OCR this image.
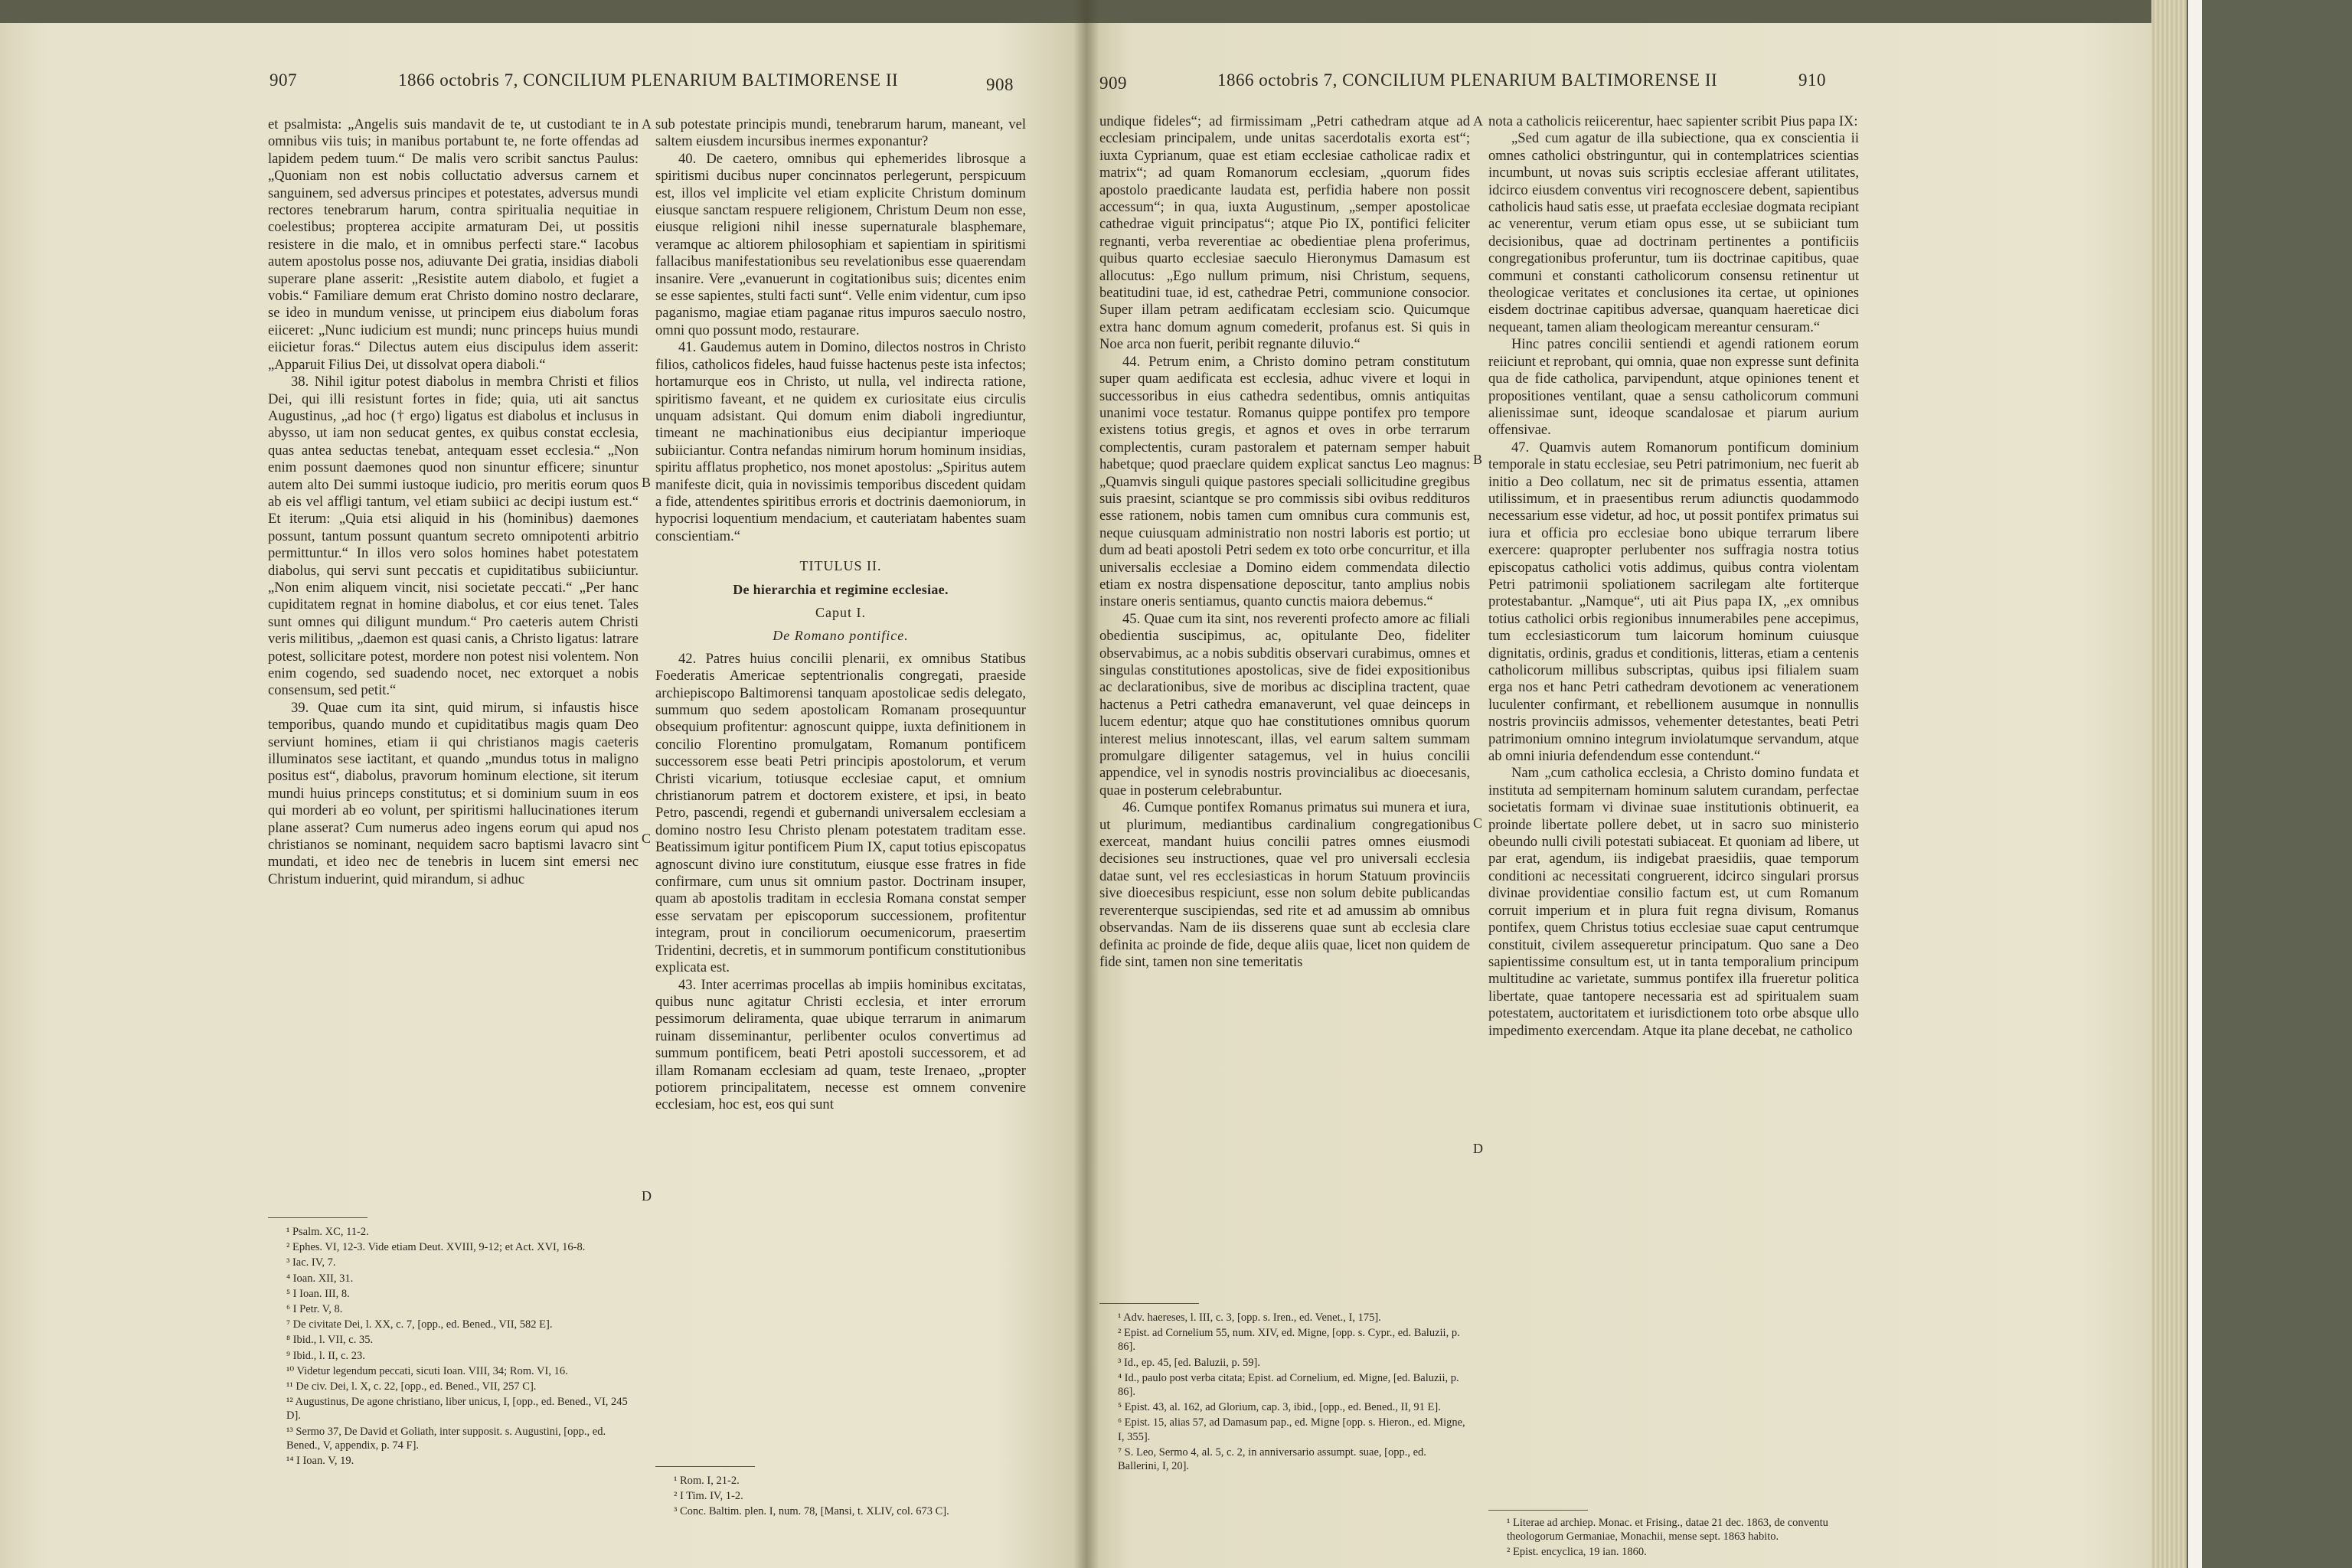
907	1866 octobris 7, CONCILIUM PLENARIUM BALTIMORENSE II	908

et psalmista: „Angelis suis mandavit de te, ut custodiant te in omnibus viis tuis; in manibus portabunt te, ne forte offendas ad lapidem pedem tuum.“ De malis vero scribit sanctus Paulus: „Quoniam non est nobis colluctatio adversus carnem et sanguinem, sed adversus principes et potestates, adversus mundi rectores tenebrarum harum, contra spiritualia nequitiae in coelestibus; propterea accipite armaturam Dei, ut possitis resistere in die malo, et in omnibus perfecti stare.“ Iacobus autem apostolus posse nos, adiuvante Dei gratia, insidias diaboli superare plane asserit: „Resistite autem diabolo, et fugiet a vobis.“ Familiare demum erat Christo domino nostro declarare, se ideo in mundum venisse, ut principem eius diabolum foras eiiceret: „Nunc iudicium est mundi; nunc princeps huius mundi eiicietur foras.“ Dilectus autem eius discipulus idem asserit: „Apparuit Filius Dei, ut dissolvat opera diaboli.“

38. Nihil igitur potest diabolus in membra Christi et filios Dei, qui illi resistunt fortes in fide; quia, uti ait sanctus Augustinus, „ad hoc († ergo) ligatus est diabolus et inclusus in abysso, ut iam non seducat gentes, ex quibus constat ecclesia, quas antea seductas tenebat, antequam esset ecclesia.“ „Non enim possunt daemones quod non sinuntur efficere; sinuntur autem alto Dei summi iustoque iudicio, pro meritis eorum quos ab eis vel affligi tantum, vel etiam subiici ac decipi iustum est.“ Et iterum: „Quia etsi aliquid in his (hominibus) daemones possunt, tantum possunt quantum secreto omnipotenti arbitrio permittuntur.“ In illos vero solos homines habet potestatem diabolus, qui servi sunt peccatis et cupiditatibus subiiciuntur. „Non enim aliquem vincit, nisi societate peccati.“ „Per hanc cupiditatem regnat in homine diabolus, et cor eius tenet. Tales sunt omnes qui diligunt mundum.“ Pro caeteris autem Christi veris militibus, „daemon est quasi canis, a Christo ligatus: latrare potest, sollicitare potest, mordere non potest nisi volentem. Non enim cogendo, sed suadendo nocet, nec extorquet a nobis consensum, sed petit.“

39. Quae cum ita sint, quid mirum, si infaustis hisce temporibus, quando mundo et cupiditatibus magis quam Deo serviunt homines, etiam ii qui christianos magis caeteris illuminatos sese iactitant, et quando „mundus totus in maligno positus est“, diabolus, pravorum hominum electione, sit iterum mundi huius princeps constitutus; et si dominium suum in eos qui morderi ab eo volunt, per spiritismi hallucinationes iterum plane asserat? Cum numerus adeo ingens eorum qui apud nos christianos se nominant, nequidem sacro baptismi lavacro sint mundati, et ideo nec de tenebris in lucem sint emersi nec Christum induerint, quid mirandum, si adhuc

¹ Psalm. XC, 11-2.
² Ephes. VI, 12-3. Vide etiam Deut. XVIII, 9-12; et Act. XVI, 16-8.
³ Iac. IV, 7.
⁴ Ioan. XII, 31.
⁵ I Ioan. III, 8.
⁶ I Petr. V, 8.
⁷ De civitate Dei, l. XX, c. 7, [opp., ed. Bened., VII, 582 E].
⁸ Ibid., l. VII, c. 35.
⁹ Ibid., l. II, c. 23.
¹⁰ Videtur legendum peccati, sicuti Ioan. VIII, 34; Rom. VI, 16.
¹¹ De civ. Dei, l. X, c. 22, [opp., ed. Bened., VII, 257 C].
¹² Augustinus, De agone christiano, liber unicus, I, [opp., ed. Bened., VI, 245 D].
¹³ Sermo 37, De David et Goliath, inter supposit. s. Augustini, [opp., ed. Bened., V, appendix, p. 74 F].
¹⁴ I Ioan. V, 19.
A
B
C
D

sub potestate principis mundi, tenebrarum harum, maneant, vel saltem eiusdem incursibus inermes exponantur?

40. De caetero, omnibus qui ephemerides librosque a spiritismi ducibus nuper concinnatos perlegerunt, perspicuum est, illos vel implicite vel etiam explicite Christum dominum eiusque sanctam respuere religionem, Christum Deum non esse, eiusque religioni nihil inesse supernaturale blasphemare, veramque ac altiorem philosophiam et sapientiam in spiritismi fallacibus manifestationibus seu revelationibus esse quaerendam insanire. Vere „evanuerunt in cogitationibus suis; dicentes enim se esse sapientes, stulti facti sunt“. Velle enim videntur, cum ipso paganismo, magiae etiam paganae ritus impuros saeculo nostro, omni quo possunt modo, restaurare.

41. Gaudemus autem in Domino, dilectos nostros in Christo filios, catholicos fideles, haud fuisse hactenus peste ista infectos; hortamurque eos in Christo, ut nulla, vel indirecta ratione, spiritismo faveant, et ne quidem ex curiositate eius circulis unquam adsistant. Qui domum enim diaboli ingrediuntur, timeant ne machinationibus eius decipiantur imperioque subiiciantur. Contra nefandas nimirum horum hominum insidias, spiritu afflatus prophetico, nos monet apostolus: „Spiritus autem manifeste dicit, quia in novissimis temporibus discedent quidam a fide, attendentes spiritibus erroris et doctrinis daemoniorum, in hypocrisi loquentium mendacium, et cauteriatam habentes suam conscientiam.“

TITULUS II.
De hierarchia et regimine ecclesiae.
Caput I.
De Romano pontifice.

42. Patres huius concilii plenarii, ex omnibus Statibus Foederatis Americae septentrionalis congregati, praeside archiepiscopo Baltimorensi tanquam apostolicae sedis delegato, summum quo sedem apostolicam Romanam prosequuntur obsequium profitentur: agnoscunt quippe, iuxta definitionem in concilio Florentino promulgatam, Romanum pontificem successorem esse beati Petri principis apostolorum, et verum Christi vicarium, totiusque ecclesiae caput, et omnium christianorum patrem et doctorem existere, et ipsi, in beato Petro, pascendi, regendi et gubernandi universalem ecclesiam a domino nostro Iesu Christo plenam potestatem traditam esse. Beatissimum igitur pontificem Pium IX, caput totius episcopatus agnoscunt divino iure constitutum, eiusque esse fratres in fide confirmare, cum unus sit omnium pastor. Doctrinam insuper, quam ab apostolis traditam in ecclesia Romana constat semper esse servatam per episcoporum successionem, profitentur integram, prout in conciliorum oecumenicorum, praesertim Tridentini, decretis, et in summorum pontificum constitutionibus explicata est.

43. Inter acerrimas procellas ab impiis hominibus excitatas, quibus nunc agitatur Christi ecclesia, et inter errorum pessimorum deliramenta, quae ubique terrarum in animarum ruinam disseminantur, perlibenter oculos convertimus ad summum pontificem, beati Petri apostoli successorem, et ad illam Romanam ecclesiam ad quam, teste Irenaeo, „propter potiorem principalitatem, necesse est omnem convenire ecclesiam, hoc est, eos qui sunt

¹ Rom. I, 21-2.
² I Tim. IV, 1-2.
³ Conc. Baltim. plen. I, num. 78, [Mansi, t. XLIV, col. 673 C].
909	1866 octobris 7, CONCILIUM PLENARIUM BALTIMORENSE II	910

undique fideles“; ad firmissimam „Petri cathedram atque ad ecclesiam principalem, unde unitas sacerdotalis exorta est“; iuxta Cyprianum, quae est etiam ecclesiae catholicae radix et matrix“; ad quam Romanorum ecclesiam, „quorum fides apostolo praedicante laudata est, perfidia habere non possit accessum“; in qua, iuxta Augustinum, „semper apostolicae cathedrae viguit principatus“; atque Pio IX, pontifici feliciter regnanti, verba reverentiae ac obedientiae plena proferimus, quibus quarto ecclesiae saeculo Hieronymus Damasum est allocutus: „Ego nullum primum, nisi Christum, sequens, beatitudini tuae, id est, cathedrae Petri, communione consocior. Super illam petram aedificatam ecclesiam scio. Quicumque extra hanc domum agnum comederit, profanus est. Si quis in Noe arca non fuerit, peribit regnante diluvio.“

44. Petrum enim, a Christo domino petram constitutum super quam aedificata est ecclesia, adhuc vivere et loqui in successoribus in eius cathedra sedentibus, omnis antiquitas unanimi voce testatur. Romanus quippe pontifex pro tempore existens totius gregis, et agnos et oves in orbe terrarum complectentis, curam pastoralem et paternam semper habuit habetque; quod praeclare quidem explicat sanctus Leo magnus: „Quamvis singuli quique pastores speciali sollicitudine gregibus suis praesint, sciantque se pro commissis sibi ovibus reddituros esse rationem, nobis tamen cum omnibus cura communis est, neque cuiusquam administratio non nostri laboris est portio; ut dum ad beati apostoli Petri sedem ex toto orbe concurritur, et illa universalis ecclesiae a Domino eidem commendata dilectio etiam ex nostra dispensatione deposcitur, tanto amplius nobis instare oneris sentiamus, quanto cunctis maiora debemus.“

45. Quae cum ita sint, nos reverenti profecto amore ac filiali obedientia suscipimus, ac, opitulante Deo, fideliter observabimus, ac a nobis subditis observari curabimus, omnes et singulas constitutiones apostolicas, sive de fidei expositionibus ac declarationibus, sive de moribus ac disciplina tractent, quae hactenus a Petri cathedra emanaverunt, vel quae deinceps in lucem edentur; atque quo hae constitutiones omnibus quorum interest melius innotescant, illas, vel earum saltem summam promulgare diligenter satagemus, vel in huius concilii appendice, vel in synodis nostris provincialibus ac dioecesanis, quae in posterum celebrabuntur.

46. Cumque pontifex Romanus primatus sui munera et iura, ut plurimum, mediantibus cardinalium congregationibus exerceat, mandant huius concilii patres omnes eiusmodi decisiones seu instructiones, quae vel pro universali ecclesia datae sunt, vel res ecclesiasticas in horum Statuum provinciis sive dioecesibus respiciunt, esse non solum debite publicandas reverenterque suscipiendas, sed rite et ad amussim ab omnibus observandas. Nam de iis disserens quae sunt ab ecclesia clare definita ac proinde de fide, deque aliis quae, licet non quidem de fide sint, tamen non sine temeritatis

¹ Adv. haereses, l. III, c. 3, [opp. s. Iren., ed. Venet., I, 175].
² Epist. ad Cornelium 55, num. XIV, ed. Migne, [opp. s. Cypr., ed. Baluzii, p. 86].
³ Id., ep. 45, [ed. Baluzii, p. 59].
⁴ Id., paulo post verba citata; Epist. ad Cornelium, ed. Migne, [ed. Baluzii, p. 86].
⁵ Epist. 43, al. 162, ad Glorium, cap. 3, ibid., [opp., ed. Bened., II, 91 E].
⁶ Epist. 15, alias 57, ad Damasum pap., ed. Migne [opp. s. Hieron., ed. Migne, I, 355].
⁷ S. Leo, Sermo 4, al. 5, c. 2, in anniversario assumpt. suae, [opp., ed. Ballerini, I, 20].
A
B
C
D

nota a catholicis reiicerentur, haec sapienter scribit Pius papa IX:

„Sed cum agatur de illa subiectione, qua ex conscientia ii omnes catholici obstringuntur, qui in contemplatrices scientias incumbunt, ut novas suis scriptis ecclesiae afferant utilitates, idcirco eiusdem conventus viri recognoscere debent, sapientibus catholicis haud satis esse, ut praefata ecclesiae dogmata recipiant ac venerentur, verum etiam opus esse, ut se subiiciant tum decisionibus, quae ad doctrinam pertinentes a pontificiis congregationibus proferuntur, tum iis doctrinae capitibus, quae communi et constanti catholicorum consensu retinentur ut theologicae veritates et conclusiones ita certae, ut opiniones eisdem doctrinae capitibus adversae, quanquam haereticae dici nequeant, tamen aliam theologicam mereantur censuram.“

Hinc patres concilii sentiendi et agendi rationem eorum reiiciunt et reprobant, qui omnia, quae non expresse sunt definita qua de fide catholica, parvipendunt, atque opiniones tenent et propositiones ventilant, quae a sensu catholicorum communi alienissimae sunt, ideoque scandalosae et piarum aurium offensivae.

47. Quamvis autem Romanorum pontificum dominium temporale in statu ecclesiae, seu Petri patrimonium, nec fuerit ab initio a Deo collatum, nec sit de primatus essentia, attamen utilissimum, et in praesentibus rerum adiunctis quodammodo necessarium esse videtur, ad hoc, ut possit pontifex primatus sui iura et officia pro ecclesiae bono ubique terrarum libere exercere: quapropter perlubenter nos suffragia nostra totius episcopatus catholici votis addimus, quibus contra violentam Petri patrimonii spoliationem sacrilegam alte fortiterque protestabantur. „Namque“, uti ait Pius papa IX, „ex omnibus totius catholici orbis regionibus innumerabiles pene accepimus, tum ecclesiasticorum tum laicorum hominum cuiusque dignitatis, ordinis, gradus et conditionis, litteras, etiam a centenis catholicorum millibus subscriptas, quibus ipsi filialem suam erga nos et hanc Petri cathedram devotionem ac venerationem luculenter confirmant, et rebellionem ausumque in nonnullis nostris provinciis admissos, vehementer detestantes, beati Petri patrimonium omnino integrum inviolatumque servandum, atque ab omni iniuria defendendum esse contendunt.“

Nam „cum catholica ecclesia, a Christo domino fundata et instituta ad sempiternam hominum salutem curandam, perfectae societatis formam vi divinae suae institutionis obtinuerit, ea proinde libertate pollere debet, ut in sacro suo ministerio obeundo nulli civili potestati subiaceat. Et quoniam ad libere, ut par erat, agendum, iis indigebat praesidiis, quae temporum conditioni ac necessitati congruerent, idcirco singulari prorsus divinae providentiae consilio factum est, ut cum Romanum corruit imperium et in plura fuit regna divisum, Romanus pontifex, quem Christus totius ecclesiae suae caput centrumque constituit, civilem assequeretur principatum. Quo sane a Deo sapientissime consultum est, ut in tanta temporalium principum multitudine ac varietate, summus pontifex illa frueretur politica libertate, quae tantopere necessaria est ad spiritualem suam potestatem, auctoritatem et iurisdictionem toto orbe absque ullo impedimento exercendam. Atque ita plane decebat, ne catholico

¹ Literae ad archiep. Monac. et Frising., datae 21 dec. 1863, de conventu theologorum Germaniae, Monachii, mense sept. 1863 habito.
² Epist. encyclica, 19 ian. 1860.
